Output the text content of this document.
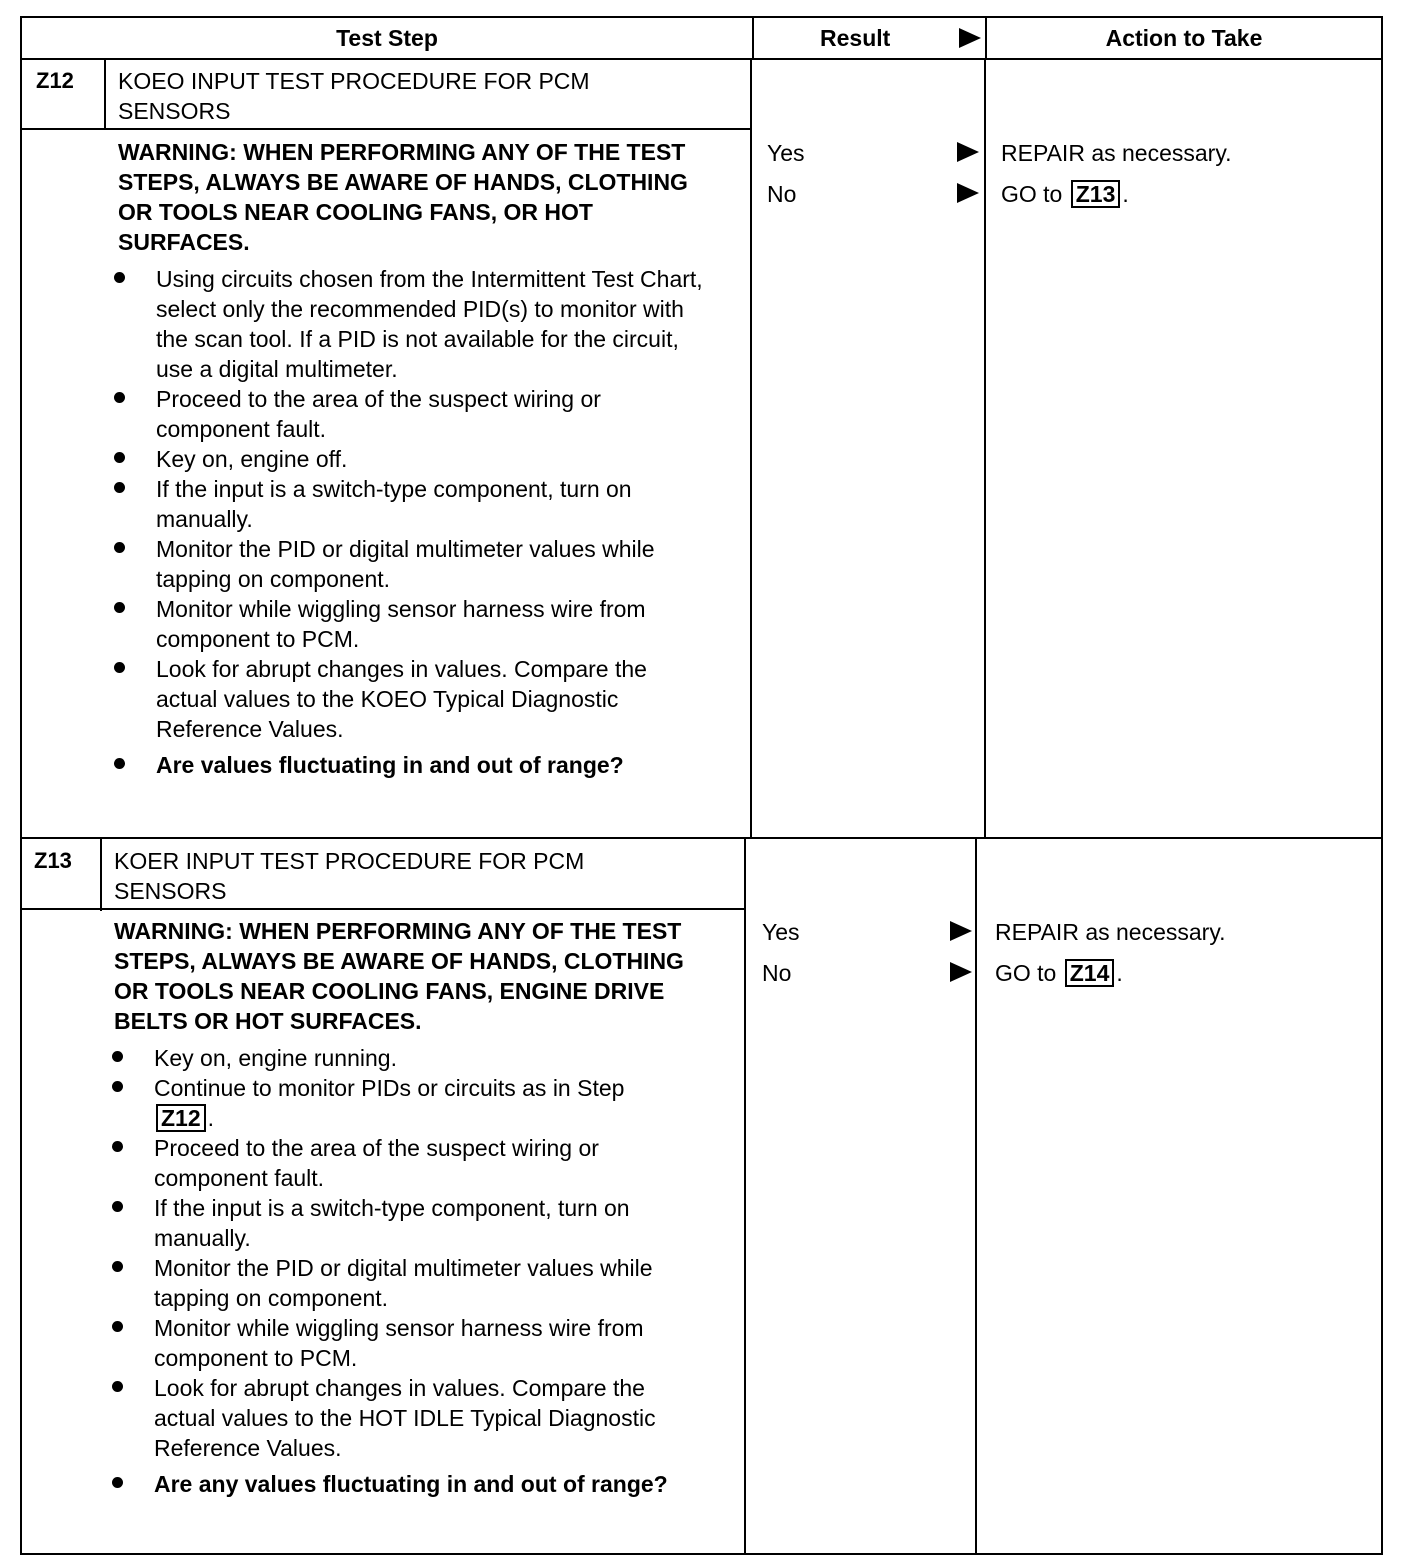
Test Step	Result	Action to Take
Z12 KOEO INPUT TEST PROCEDURE FOR PCM SENSORS
WARNING: WHEN PERFORMING ANY OF THE TEST STEPS, ALWAYS BE AWARE OF HANDS, CLOTHING OR TOOLS NEAR COOLING FANS, OR HOT SURFACES.
Using circuits chosen from the Intermittent Test Chart, select only the recommended PID(s) to monitor with the scan tool. If a PID is not available for the circuit, use a digital multimeter.
Proceed to the area of the suspect wiring or component fault.
Key on, engine off.
If the input is a switch-type component, turn on manually.
Monitor the PID or digital multimeter values while tapping on component.
Monitor while wiggling sensor harness wire from component to PCM.
Look for abrupt changes in values. Compare the actual values to the KOEO Typical Diagnostic Reference Values.
Are values fluctuating in and out of range?
Yes	REPAIR as necessary.
No	GO to Z13 .
Z13 KOER INPUT TEST PROCEDURE FOR PCM SENSORS
WARNING: WHEN PERFORMING ANY OF THE TEST STEPS, ALWAYS BE AWARE OF HANDS, CLOTHING OR TOOLS NEAR COOLING FANS, ENGINE DRIVE BELTS OR HOT SURFACES.
Key on, engine running.
Continue to monitor PIDs or circuits as in Step
Z12 .
Proceed to the area of the suspect wiring or component fault.
If the input is a switch-type component, turn on manually.
Monitor the PID or digital multimeter values while tapping on component.
Monitor while wiggling sensor harness wire from component to PCM.
Look for abrupt changes in values. Compare the actual values to the HOT IDLE Typical Diagnostic Reference Values.
Are any values fluctuating in and out of range?
Yes	REPAIR as necessary.
No	GO to Z14 .
